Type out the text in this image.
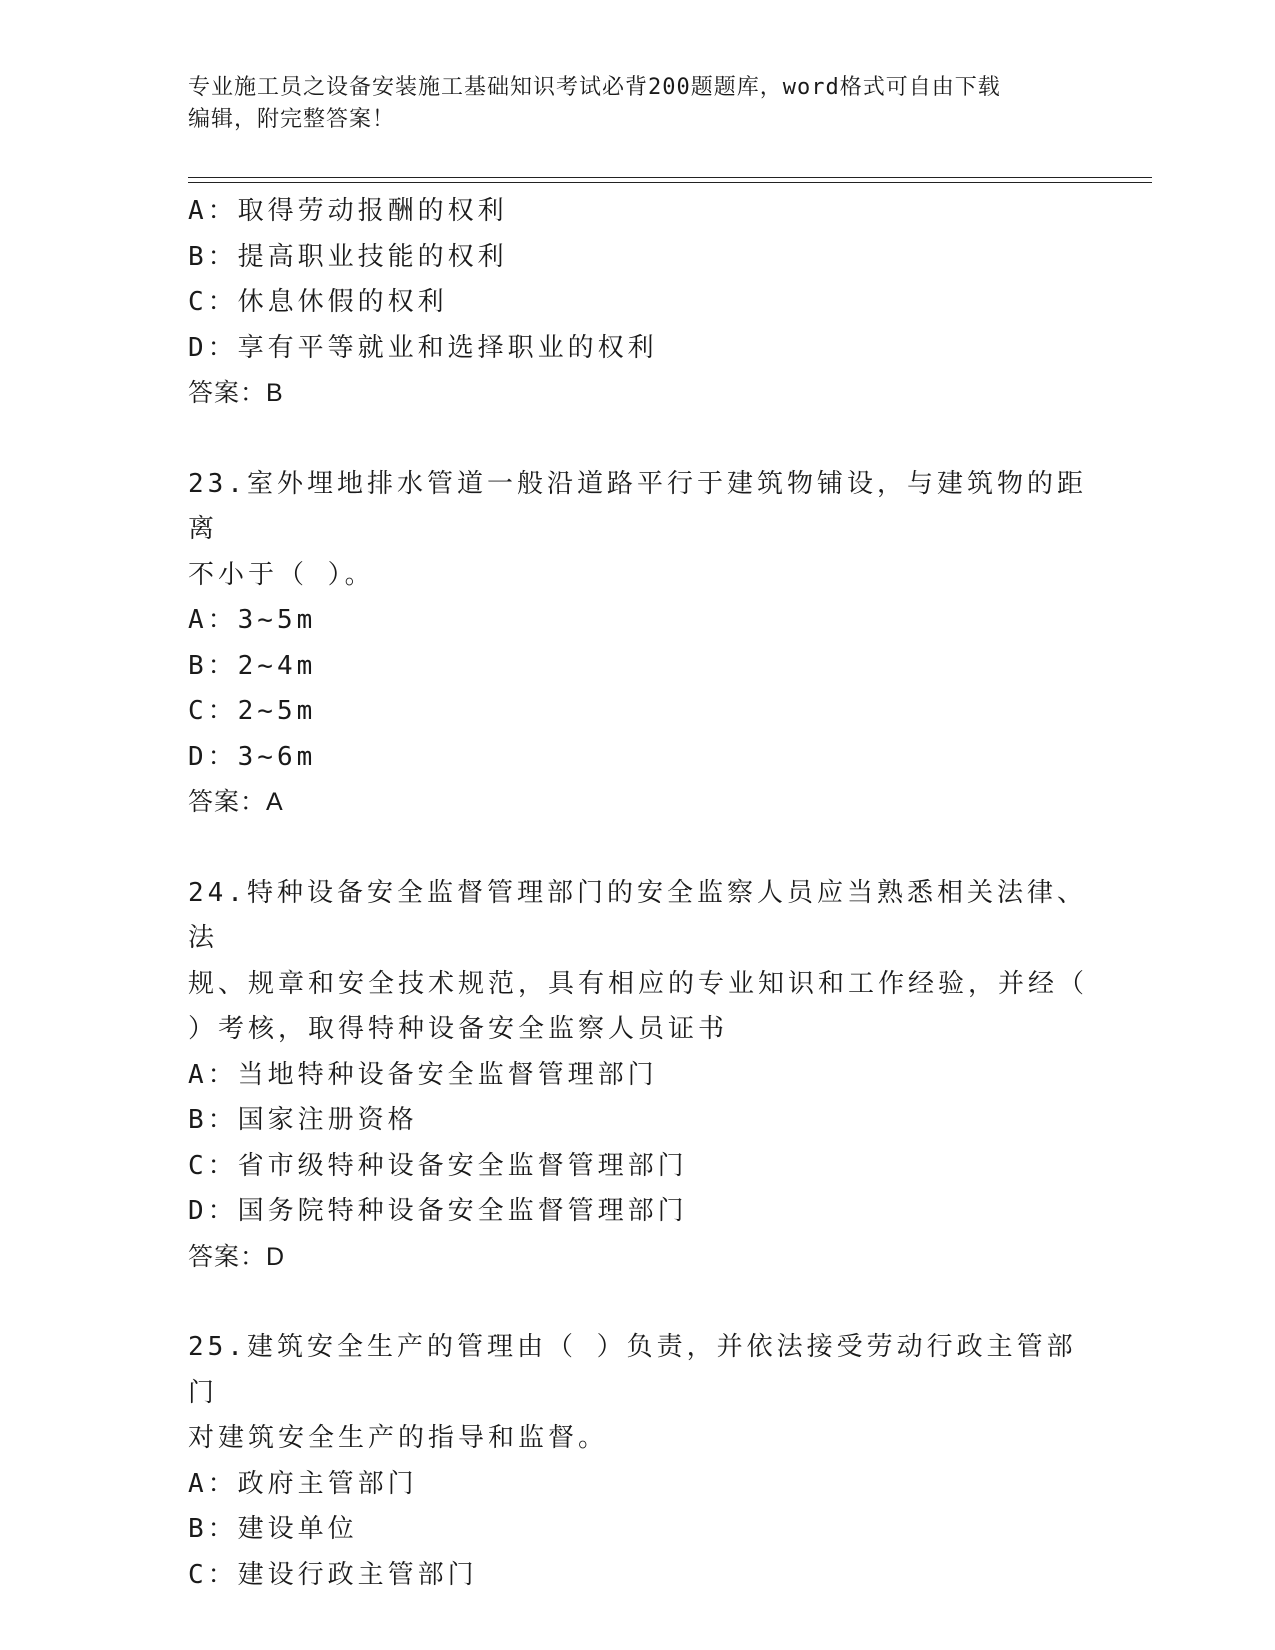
专业施工员之设备安装施工基础知识考试必背200题题库，word格式可自由下载
编辑，附完整答案！

A：取得劳动报酬的权利

B：提高职业技能的权利

C：休息休假的权利

D：享有平等就业和选择职业的权利

答案：B

23.室外埋地排水管道一般沿道路平行于建筑物铺设，与建筑物的距离

不小于（ ）。

A：3~5m

B：2~4m

C：2~5m

D：3~6m

答案：A

24.特种设备安全监督管理部门的安全监察人员应当熟悉相关法律、法

规、规章和安全技术规范，具有相应的专业知识和工作经验，并经（

）考核，取得特种设备安全监察人员证书

A：当地特种设备安全监督管理部门

B：国家注册资格

C：省市级特种设备安全监督管理部门

D：国务院特种设备安全监督管理部门

答案：D

25.建筑安全生产的管理由（ ）负责，并依法接受劳动行政主管部门

对建筑安全生产的指导和监督。

A：政府主管部门

B：建设单位

C：建设行政主管部门
